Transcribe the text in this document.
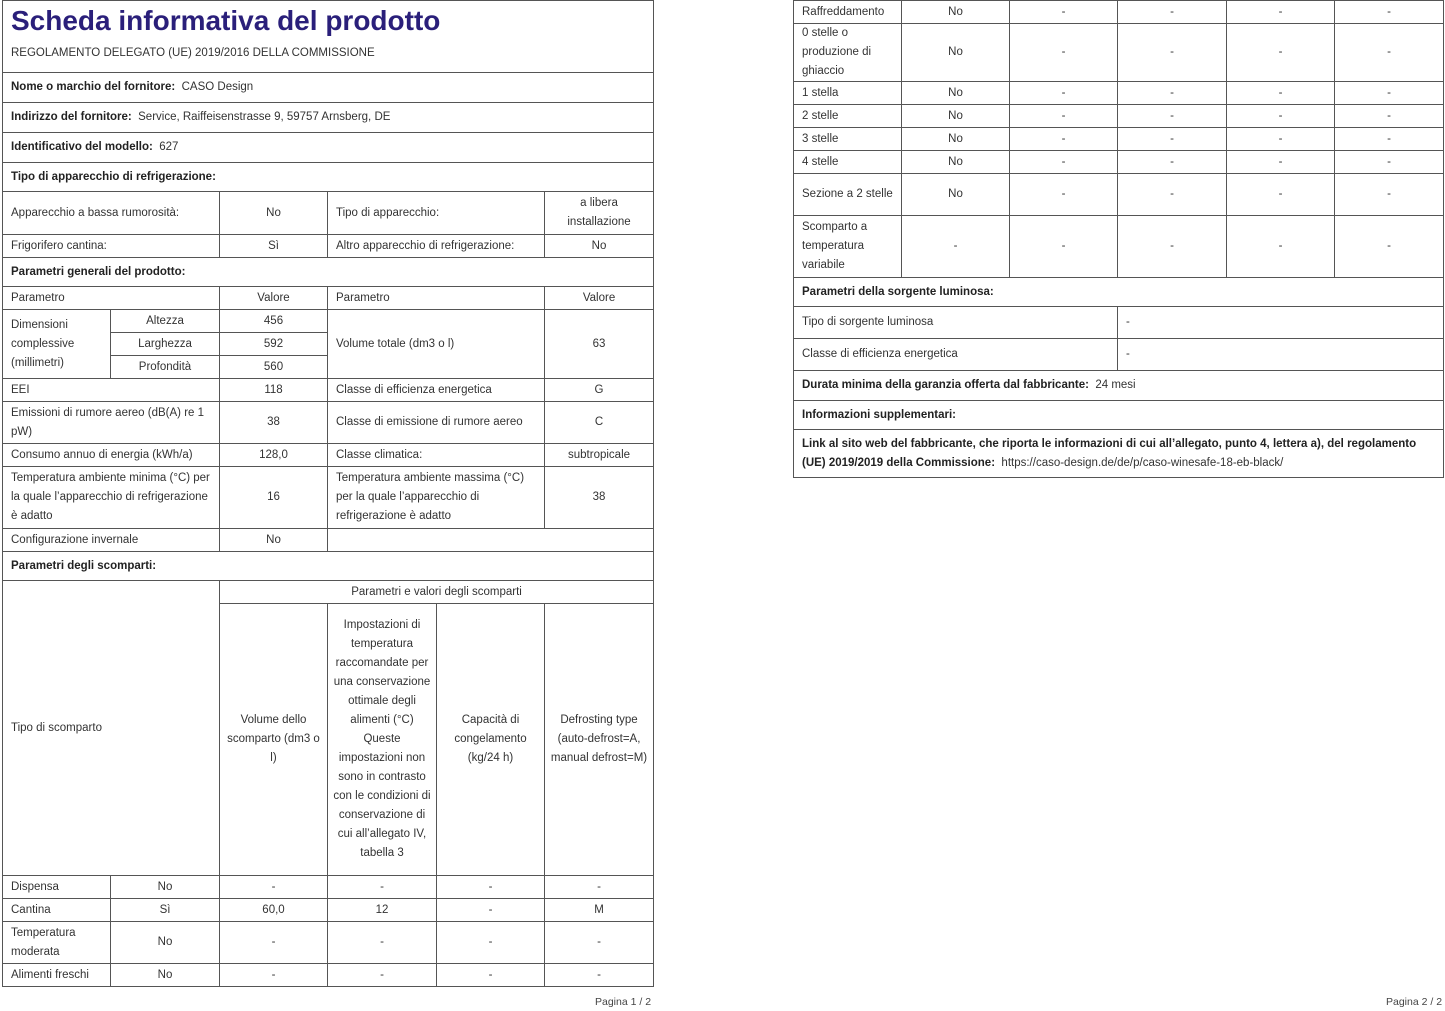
Scheda informativa del prodotto					

REGOLAMENTO DELEGATO (UE) 2019/2016 DELLA COMMISSIONE					
Nome o marchio del fornitore: CASO Design					
Indirizzo del fornitore: Service, Raiffeisenstrasse 9, 59757 Arnsberg, DE					
Identificativo del modello: 627					
Tipo di apparecchio di refrigerazione:					
Apparecchio a bassa rumorosità:		No	Tipo di apparecchio:		a libera installazione
Frigorifero cantina:		Sì	Altro apparecchio di refrigerazione:		No
Parametri generali del prodotto:					
Parametro		Valore	Parametro		Valore
Dimensioni complessive (millimetri)	Altezza	456	Volume totale (dm3 o l)		63
	Larghezza	592			
	Profondità	560			
EEI		118	Classe di efficienza energetica		G
Emissioni di rumore aereo (dB(A) re 1 pW)		38	Classe di emissione di rumore aereo		C
Consumo annuo di energia (kWh/a)		128,0	Classe climatica:		subtropicale
Temperatura ambiente minima (°C) per la quale l’apparecchio di refrigerazione è adatto		16	Temperatura ambiente massima (°C) per la quale l’apparecchio di refrigerazione è adatto		38
Configurazione invernale		No			
Parametri degli scomparti:					
Tipo di scomparto		Parametri e valori degli scomparti			
		Volume dello scomparto (dm3 o l)	Impostazioni di temperatura raccomandate per una conservazione ottimale degli alimenti (°C) Queste impostazioni non sono in contrasto con le condizioni di conservazione di cui all’allegato IV, tabella 3	Capacità di congelamento (kg/24 h)	Defrosting type (auto-defrost=A, manual defrost=M)
Dispensa	No	-	-	-	-
Cantina	Sì	60,0	12	-	M
Temperatura moderata	No	-	-	-	-
Alimenti freschi	No	-	-	-	-
Pagina 1 / 2
Raffreddamento	No	-	-	-	-
0 stelle o produzione di ghiaccio	No	-	-	-	-
1 stella	No	-	-	-	-
2 stelle	No	-	-	-	-
3 stelle	No	-	-	-	-
4 stelle	No	-	-	-	-
Sezione a 2 stelle	No	-	-	-	-
Scomparto a temperatura variabile	-	-	-	-	-
Parametri della sorgente luminosa:					
Tipo di sorgente luminosa			-		
Classe di efficienza energetica			-		
Durata minima della garanzia offerta dal fabbricante: 24 mesi					
Informazioni supplementari:					
Link al sito web del fabbricante, che riporta le informazioni di cui all’allegato, punto 4, lettera a), del regolamento (UE) 2019/2019 della Commissione: https://caso-design.de/de/p/caso-winesafe-18-eb-black/					
Pagina 2 / 2
